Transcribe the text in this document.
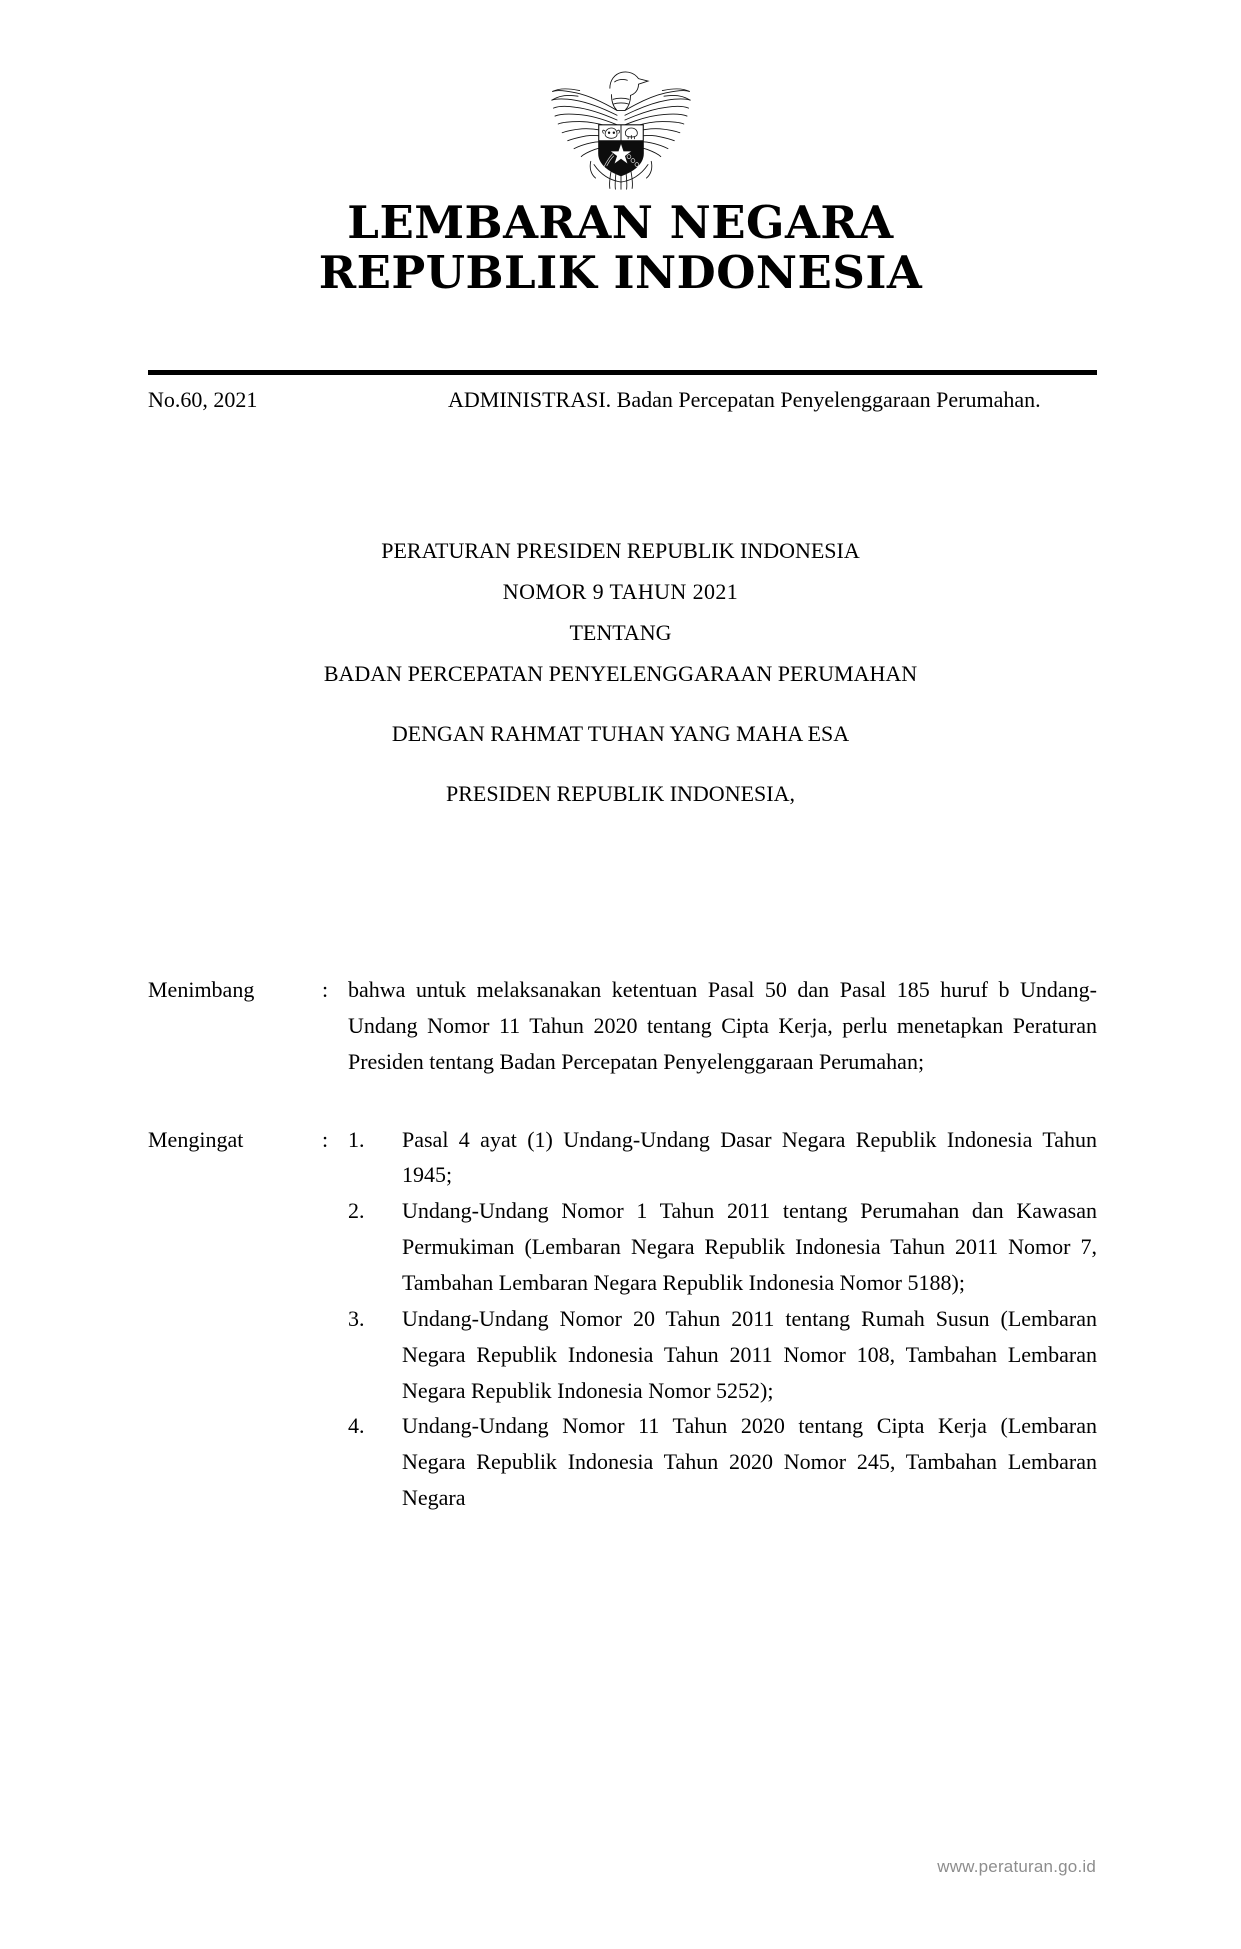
LEMBARAN NEGARA
REPUBLIK INDONESIA
No.60, 2021	ADMINISTRASI. Badan Percepatan Penyelenggaraan Perumahan.
PERATURAN PRESIDEN REPUBLIK INDONESIA
NOMOR 9 TAHUN 2021
TENTANG
BADAN PERCEPATAN PENYELENGGARAAN PERUMAHAN
DENGAN RAHMAT TUHAN YANG MAHA ESA
PRESIDEN REPUBLIK INDONESIA,
Menimbang	: bahwa untuk melaksanakan ketentuan Pasal 50 dan Pasal 185 huruf b Undang-Undang Nomor 11 Tahun 2020 tentang Cipta Kerja, perlu menetapkan Peraturan Presiden tentang Badan Percepatan Penyelenggaraan Perumahan;
Mengingat	: 1.	Pasal 4 ayat (1) Undang-Undang Dasar Negara Republik Indonesia Tahun 1945;
2.	Undang-Undang Nomor 1 Tahun 2011 tentang Perumahan dan Kawasan Permukiman (Lembaran Negara Republik Indonesia Tahun 2011 Nomor 7, Tambahan Lembaran Negara Republik Indonesia Nomor 5188);
3.	Undang-Undang Nomor 20 Tahun 2011 tentang Rumah Susun (Lembaran Negara Republik Indonesia Tahun 2011 Nomor 108, Tambahan Lembaran Negara Republik Indonesia Nomor 5252);
4.	Undang-Undang Nomor 11 Tahun 2020 tentang Cipta Kerja (Lembaran Negara Republik Indonesia Tahun 2020 Nomor 245, Tambahan Lembaran Negara
www.peraturan.go.id
